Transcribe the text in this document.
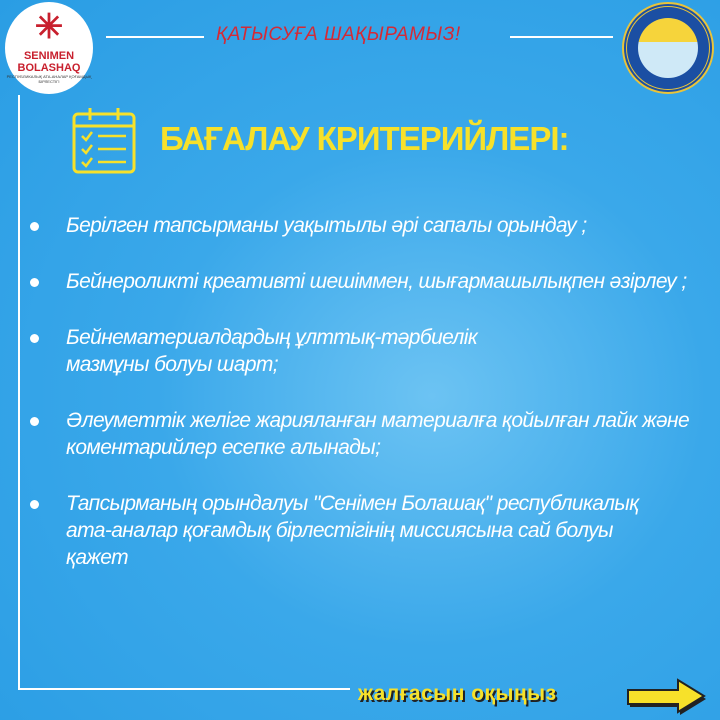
✳
SENIMEN
BOLASHAQ
РЕСПУБЛИКАЛЫҚ АТА-АНАЛАР ҚОҒАМДЫҚ БІРЛЕСТІГІ
ҚАТЫСУҒА ШАҚЫРАМЫЗ!
БАҒАЛАУ КРИТЕРИЙЛЕРІ:
Берілген тапсырманы уақытылы әрі сапалы орындау ;
Бейнероликті креативті шешіммен, шығармашылықпен әзірлеу ;
Бейнематериалдардың ұлттық-тәрбиелік мазмұны болуы шарт;
Әлеуметтік желіге жарияланған материалға қойылған лайк және коментарийлер есепке алынады;
Тапсырманың орындалуы "Сенімен Болашақ" республикалық ата-аналар қоғамдық бірлестігінің миссиясына сай болуы қажет
жалғасын оқыңыз
